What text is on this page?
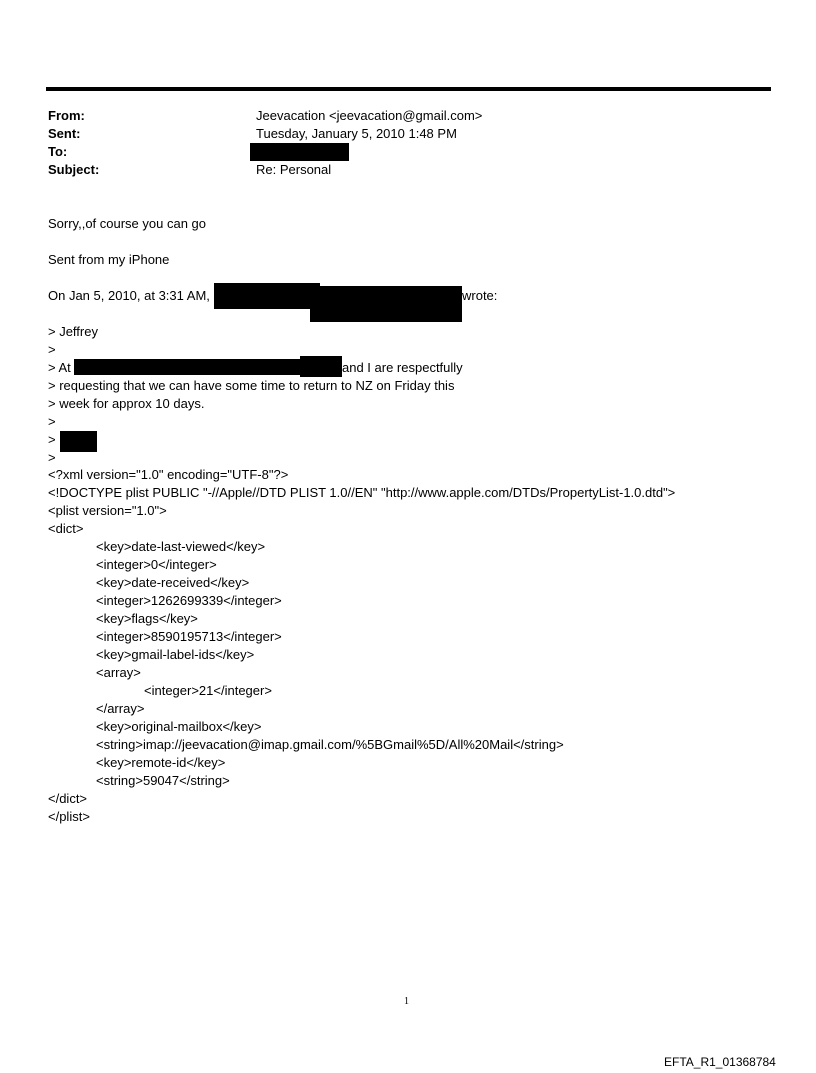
From:	Jeevacation <jeevacation@gmail.com>
Sent:	Tuesday, January 5, 2010 1:48 PM
To:
Subject:	Re: Personal
Sorry,,of course you can go
Sent from my iPhone
On Jan 5, 2010, at 3:31 AM,	wrote:
> Jeffrey
>
> At	and I are respectfully
> requesting that we can have some time to return to NZ on Friday this
> week for approx 10 days.
>
>
>
<?xml version="1.0" encoding="UTF-8"?>
<!DOCTYPE plist PUBLIC "-//Apple//DTD PLIST 1.0//EN" "http://www.apple.com/DTDs/PropertyList-1.0.dtd">
<plist version="1.0">
<dict>
<key>date-last-viewed</key>
<integer>0</integer>
<key>date-received</key>
<integer>1262699339</integer>
<key>flags</key>
<integer>8590195713</integer>
<key>gmail-label-ids</key>
<array>
<integer>21</integer>
</array>
<key>original-mailbox</key>
<string>imap://jeevacation@imap.gmail.com/%5BGmail%5D/All%20Mail</string>
<key>remote-id</key>
<string>59047</string>
</dict>
</plist>
1
EFTA_R1_01368784
